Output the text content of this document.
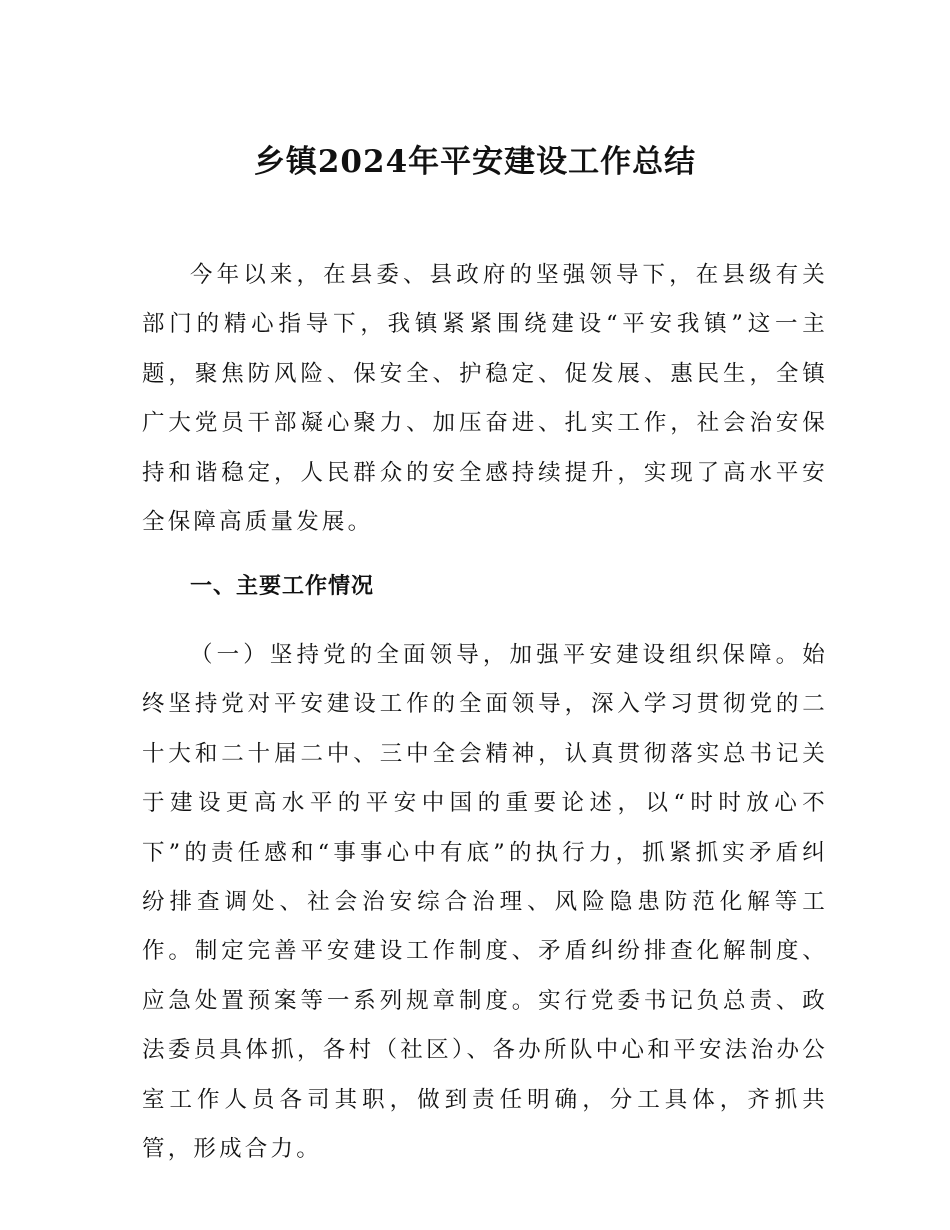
乡镇2024年平安建设工作总结

今年以来，在县委、县政府的坚强领导下，在县级有关部门的精心指导下，我镇紧紧围绕建设“平安我镇”这一主题，聚焦防风险、保安全、护稳定、促发展、惠民生，全镇广大党员干部凝心聚力、加压奋进、扎实工作，社会治安保持和谐稳定，人民群众的安全感持续提升，实现了高水平安全保障高质量发展。

一、主要工作情况

（一）坚持党的全面领导，加强平安建设组织保障。始终坚持党对平安建设工作的全面领导，深入学习贯彻党的二十大和二十届二中、三中全会精神，认真贯彻落实总书记关于建设更高水平的平安中国的重要论述，以“时时放心不下”的责任感和“事事心中有底”的执行力，抓紧抓实矛盾纠纷排查调处、社会治安综合治理、风险隐患防范化解等工作。制定完善平安建设工作制度、矛盾纠纷排查化解制度、应急处置预案等一系列规章制度。实行党委书记负总责、政法委员具体抓，各村（社区）、各办所队中心和平安法治办公室工作人员各司其职，做到责任明确，分工具体，齐抓共管，形成合力。
